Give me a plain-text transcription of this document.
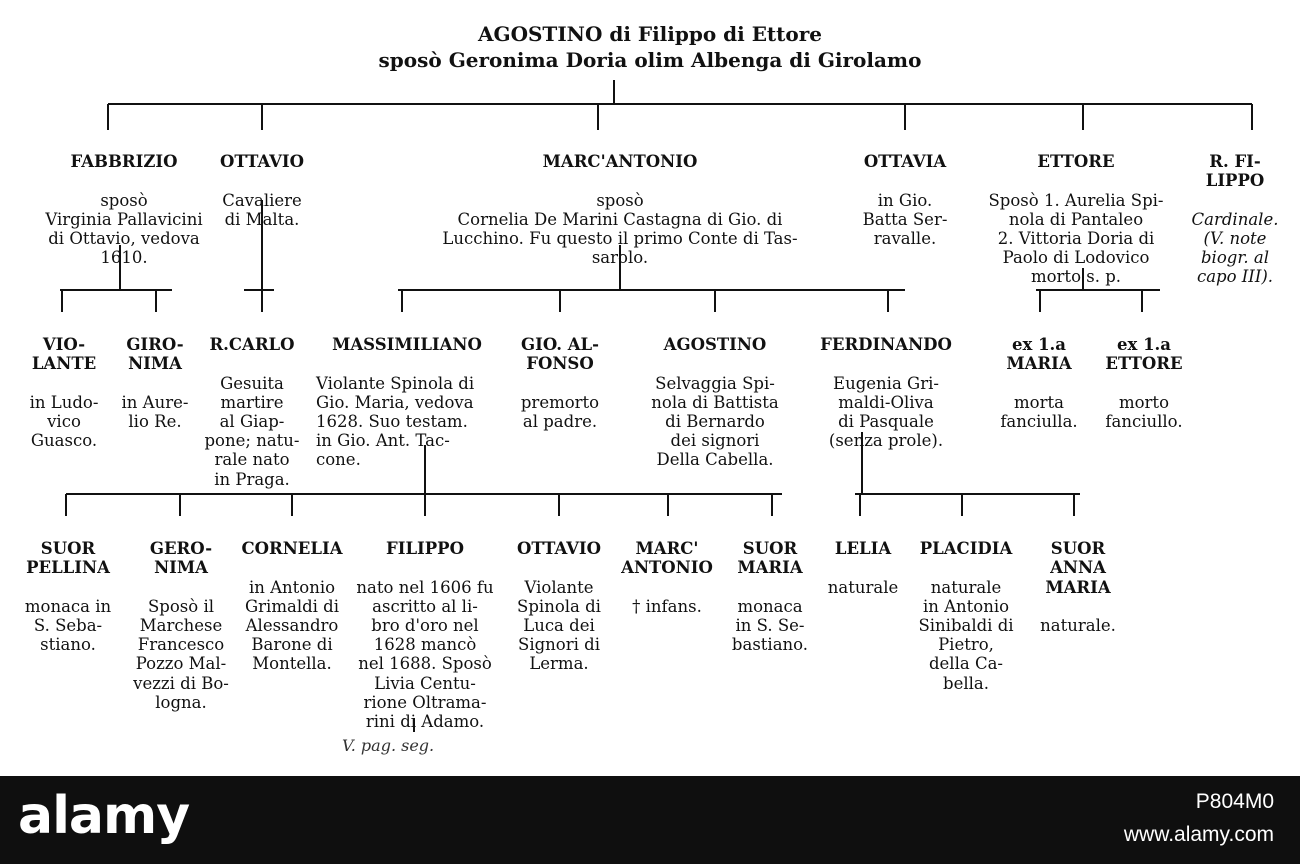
AGOSTINO di Filippo di Ettore
sposò Geronima Doria olim Albenga di Girolamo

FABBRIZIO

sposò
Virginia Pallavicini
di Ottavio, vedova
1610.

OTTAVIO

Cavaliere
di Malta.

MARC'ANTONIO

sposò
Cornelia De Marini Castagna di Gio. di
Lucchino. Fu questo il primo Conte di Tas-
sarolo.

OTTAVIA

in Gio.
Batta Ser-
ravalle.

ETTORE

Sposò 1. Aurelia Spi-
nola di Pantaleo
2. Vittoria Doria di
Paolo di Lodovico
morto s. p.

R. FI-
LIPPO

Cardinale.
(V. note
biogr. al
capo III).

VIO-
LANTE

in Ludo-
vico
Guasco.

GIRO-
NIMA

in Aure-
lio Re.

R.CARLO

Gesuita
martire
al Giap-
pone; natu-
rale nato
in Praga.

MASSIMILIANO

Violante Spinola di
Gio. Maria, vedova
1628. Suo testam.
in Gio. Ant. Tac-
cone.

GIO. AL-
FONSO

premorto
al padre.

AGOSTINO

Selvaggia Spi-
nola di Battista
di Bernardo
dei signori
Della Cabella.

FERDINANDO

Eugenia Gri-
maldi-Oliva
di Pasquale
(senza prole).

ex 1.a
MARIA

morta
fanciulla.

ex 1.a
ETTORE

morto
fanciullo.

SUOR
PELLINA

monaca in
S. Seba-
stiano.

GERO-
NIMA

Sposò il
Marchese
Francesco
Pozzo Mal-
vezzi di Bo-
logna.

CORNELIA

in Antonio
Grimaldi di
Alessandro
Barone di
Montella.

FILIPPO

nato nel 1606 fu
ascritto al li-
bro d'oro nel
1628 mancò
nel 1688. Sposò
Livia Centu-
rione Oltrama-
rini di Adamo.

OTTAVIO

Violante
Spinola di
Luca dei
Signori di
Lerma.

MARC'
ANTONIO

† infans.

SUOR
MARIA

monaca
in S. Se-
bastiano.

LELIA

naturale

PLACIDIA

naturale
in Antonio
Sinibaldi di
Pietro,
della Ca-
bella.

SUOR
ANNA
MARIA

naturale.

V. pag. seg.
alamy	P804M0
www.alamy.com
